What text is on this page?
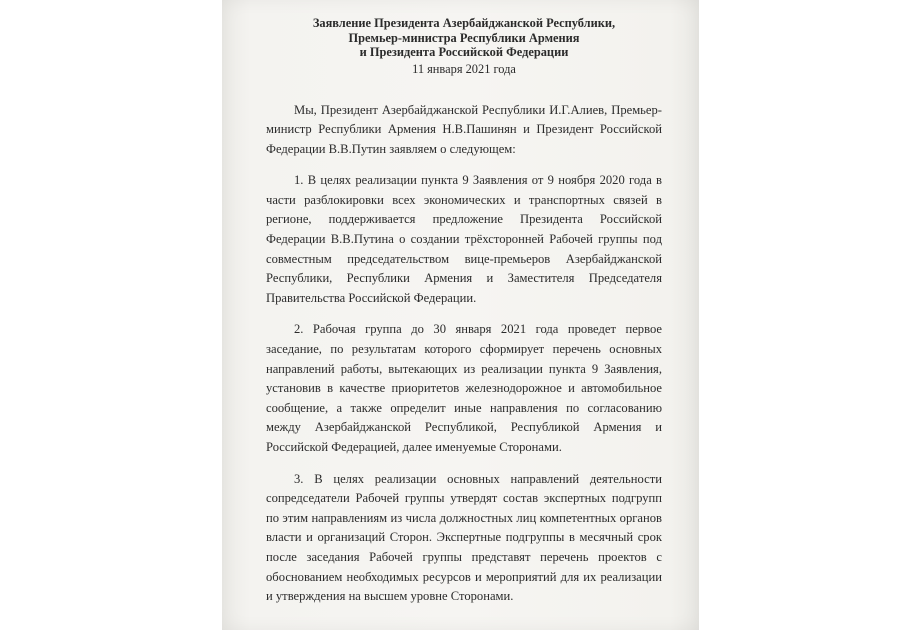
Заявление Президента Азербайджанской Республики,
Премьер-министра Республики Армения
и Президента Российской Федерации
11 января 2021 года

Мы, Президент Азербайджанской Республики И.Г.Алиев, Премьер-министр Республики Армения Н.В.Пашинян и Президент Российской Федерации В.В.Путин заявляем о следующем:

1. В целях реализации пункта 9 Заявления от 9 ноября 2020 года в части разблокировки всех экономических и транспортных связей в регионе, поддерживается предложение Президента Российской Федерации В.В.Путина о создании трёхсторонней Рабочей группы под совместным председательством вице-премьеров Азербайджанской Республики, Республики Армения и Заместителя Председателя Правительства Российской Федерации.

2. Рабочая группа до 30 января 2021 года проведет первое заседание, по результатам которого сформирует перечень основных направлений работы, вытекающих из реализации пункта 9 Заявления, установив в качестве приоритетов железнодорожное и автомобильное сообщение, а также определит иные направления по согласованию между Азербайджанской Республикой, Республикой Армения и Российской Федерацией, далее именуемые Сторонами.

3. В целях реализации основных направлений деятельности сопредседатели Рабочей группы утвердят состав экспертных подгрупп по этим направлениям из числа должностных лиц компетентных органов власти и организаций Сторон. Экспертные подгруппы в месячный срок после заседания Рабочей группы представят перечень проектов с обоснованием необходимых ресурсов и мероприятий для их реализации и утверждения на высшем уровне Сторонами.
